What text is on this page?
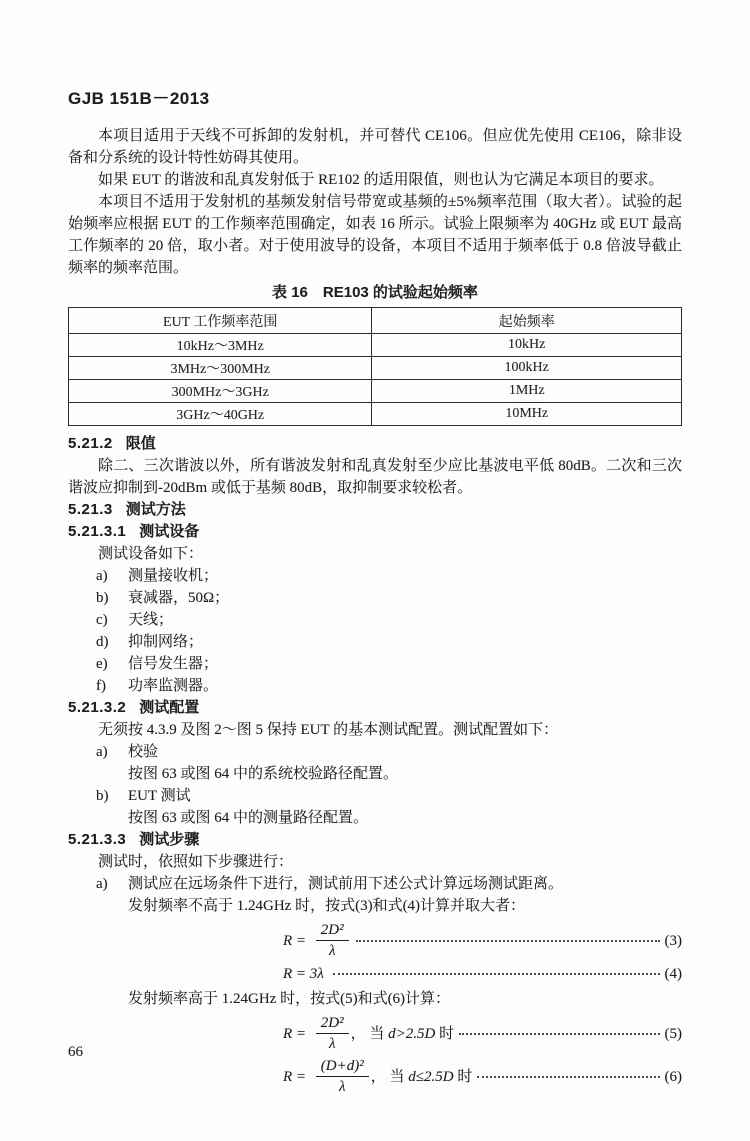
GJB 151B－2013

本项目适用于天线不可拆卸的发射机，并可替代 CE106。但应优先使用 CE106，除非设备和分系统的设计特性妨碍其使用。

如果 EUT 的谐波和乱真发射低于 RE102 的适用限值，则也认为它满足本项目的要求。

本项目不适用于发射机的基频发射信号带宽或基频的±5%频率范围（取大者）。试验的起始频率应根据 EUT 的工作频率范围确定，如表 16 所示。试验上限频率为 40GHz 或 EUT 最高工作频率的 20 倍，取小者。对于使用波导的设备，本项目不适用于频率低于 0.8 倍波导截止频率的频率范围。

表 16　RE103 的试验起始频率
EUT 工作频率范围	起始频率
10kHz～3MHz	10kHz
3MHz～300MHz	100kHz
300MHz～3GHz	1MHz
3GHz～40GHz	10MHz
5.21.2 限值

除二、三次谐波以外，所有谐波发射和乱真发射至少应比基波电平低 80dB。二次和三次谐波应抑制到-20dBm 或低于基频 80dB，取抑制要求较松者。

5.21.3 测试方法
5.21.3.1 测试设备

测试设备如下：

a)	测量接收机；
b)	衰减器，50Ω；
c)	天线；
d)	抑制网络；
e)	信号发生器；
f)	功率监测器。
5.21.3.2 测试配置

无须按 4.3.9 及图 2～图 5 保持 EUT 的基本测试配置。测试配置如下：

a)	校验
按图 63 或图 64 中的系统校验路径配置。
b)	EUT 测试
按图 63 或图 64 中的测量路径配置。
5.21.3.3 测试步骤

测试时，依照如下步骤进行：

a)	测试应在远场条件下进行，测试前用下述公式计算远场测试距离。
发射频率不高于 1.24GHz 时，按式(3)和式(4)计算并取大者：
$R = \frac{\text{2D²}}{\lambda}$	(3)
R = 3λ	(4)
发射频率高于 1.24GHz 时，按式(5)和式(6)计算：
$R = \frac{\text{2D²}}{\lambda}$ ， 当 d>2.5D 时	(5)
$R = \frac{\text{(D+d)²}}{\lambda}$ ， 当 d≤2.5D 时	(6)
66
